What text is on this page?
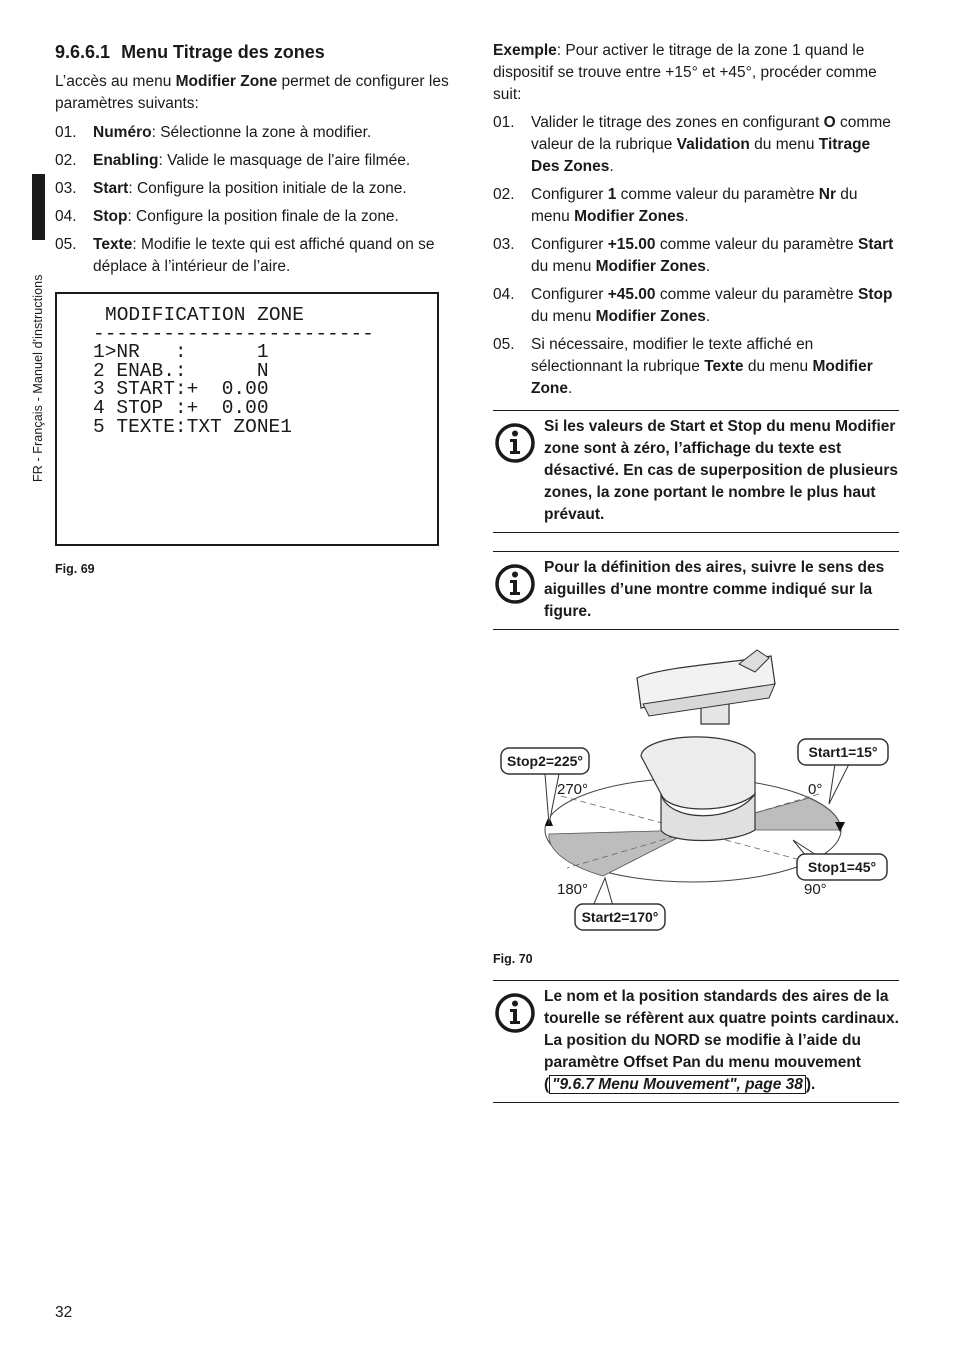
FR - Français - Manuel d'instructions
9.6.6.1 Menu Titrage des zones

L’accès au menu Modifier Zone permet de configurer les paramètres suivants:

01.	Numéro: Sélectionne la zone à modifier.
02.	Enabling: Valide le masquage de l'aire filmée.
03.	Start: Configure la position initiale de la zone.
04.	Stop: Configure la position finale de la zone.
05.	Texte: Modifie le texte qui est affiché quand on se déplace à l’intérieur de l’aire.
MODIFICATION ZONE
------------------------
1>NR   :      1
2 ENAB.:      N
3 START:+  0.00
4 STOP :+  0.00
5 TEXTE:TXT ZONE1
Fig. 69

Exemple: Pour activer le titrage de la zone 1 quand le dispositif se trouve entre +15° et +45°, procéder comme suit:

01.	Valider le titrage des zones en configurant O comme valeur de la rubrique Validation du menu Titrage Des Zones.
02.	Configurer 1 comme valeur du paramètre Nr du menu Modifier Zones.
03.	Configurer +15.00 comme valeur du paramètre Start du menu Modifier Zones.
04.	Configurer +45.00 comme valeur du paramètre Stop du menu Modifier Zones.
05.	Si nécessaire, modifier le texte affiché en sélectionnant la rubrique Texte du menu Modifier Zone.
Si les valeurs de Start et Stop du menu Modifier zone sont à zéro, l’affichage du texte est désactivé. En cas de superposition de plusieurs zones, la zone portant le nombre le plus haut prévaut.
Pour la définition des aires, suivre le sens des aiguilles d’une montre comme indiqué sur la figure.
Stop2=225°
Start1=15°
Stop1=45°
Start2=170°
270°	0°
180°	90°
Fig. 70
Le nom et la position standards des aires de la tourelle se réfèrent aux quatre points cardinaux. La position du NORD se modifie à l’aide du paramètre Offset Pan du menu mouvement ( "9.6.7 Menu Mouvement", page 38 ).
32
